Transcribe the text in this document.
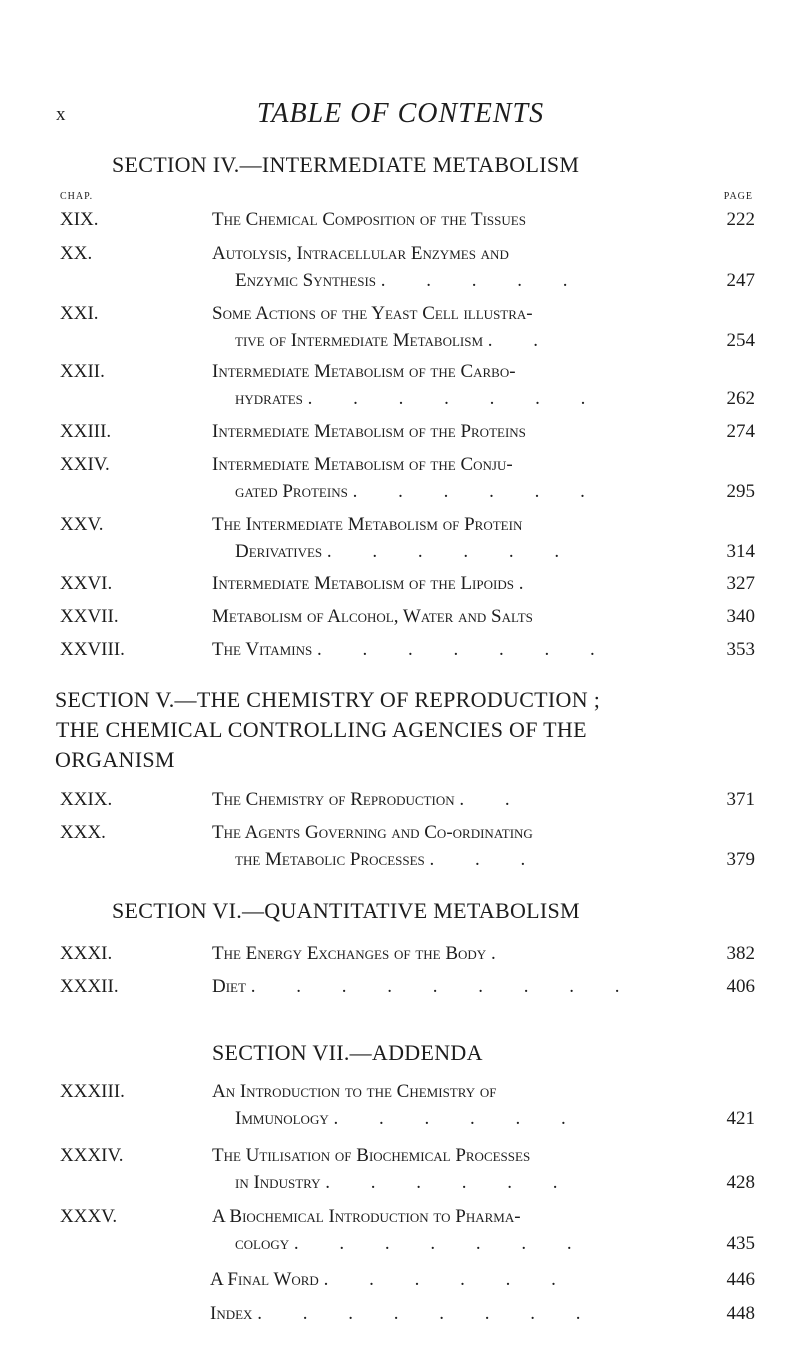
x	TABLE OF CONTENTS
SECTION IV.—INTERMEDIATE METABOLISM
CHAP.	PAGE
XIX.	The Chemical Composition of the Tissues	222
XX.	Autolysis, Intracellular Enzymes and
Enzymic Synthesis . . . . .	247
XXI.	Some Actions of the Yeast Cell illustra-
tive of Intermediate Metabolism . .	254
XXII.	Intermediate Metabolism of the Carbo-
hydrates . . . . . . .	262
XXIII.	Intermediate Metabolism of the Proteins	274
XXIV.	Intermediate Metabolism of the Conju-
gated Proteins . . . . . .	295
XXV.	The Intermediate Metabolism of Protein
Derivatives . . . . . .	314
XXVI.	Intermediate Metabolism of the Lipoids .	327
XXVII.	Metabolism of Alcohol, Water and Salts	340
XXVIII.	The Vitamins . . . . . . .	353
SECTION V.—THE CHEMISTRY OF REPRODUCTION ;
THE CHEMICAL CONTROLLING AGENCIES OF THE
ORGANISM
XXIX.	The Chemistry of Reproduction . .	371
XXX.	The Agents Governing and Co-ordinating
the Metabolic Processes . . .	379
SECTION VI.—QUANTITATIVE METABOLISM
XXXI.	The Energy Exchanges of the Body .	382
XXXII.	Diet . . . . . . . . .	406
SECTION VII.—ADDENDA
XXXIII.	An Introduction to the Chemistry of
Immunology . . . . . .	421
XXXIV.	The Utilisation of Biochemical Processes
in Industry . . . . . .	428
XXXV.	A Biochemical Introduction to Pharma-
cology . . . . . . .	435
A Final Word . . . . . .	446
Index . . . . . . . .	448
